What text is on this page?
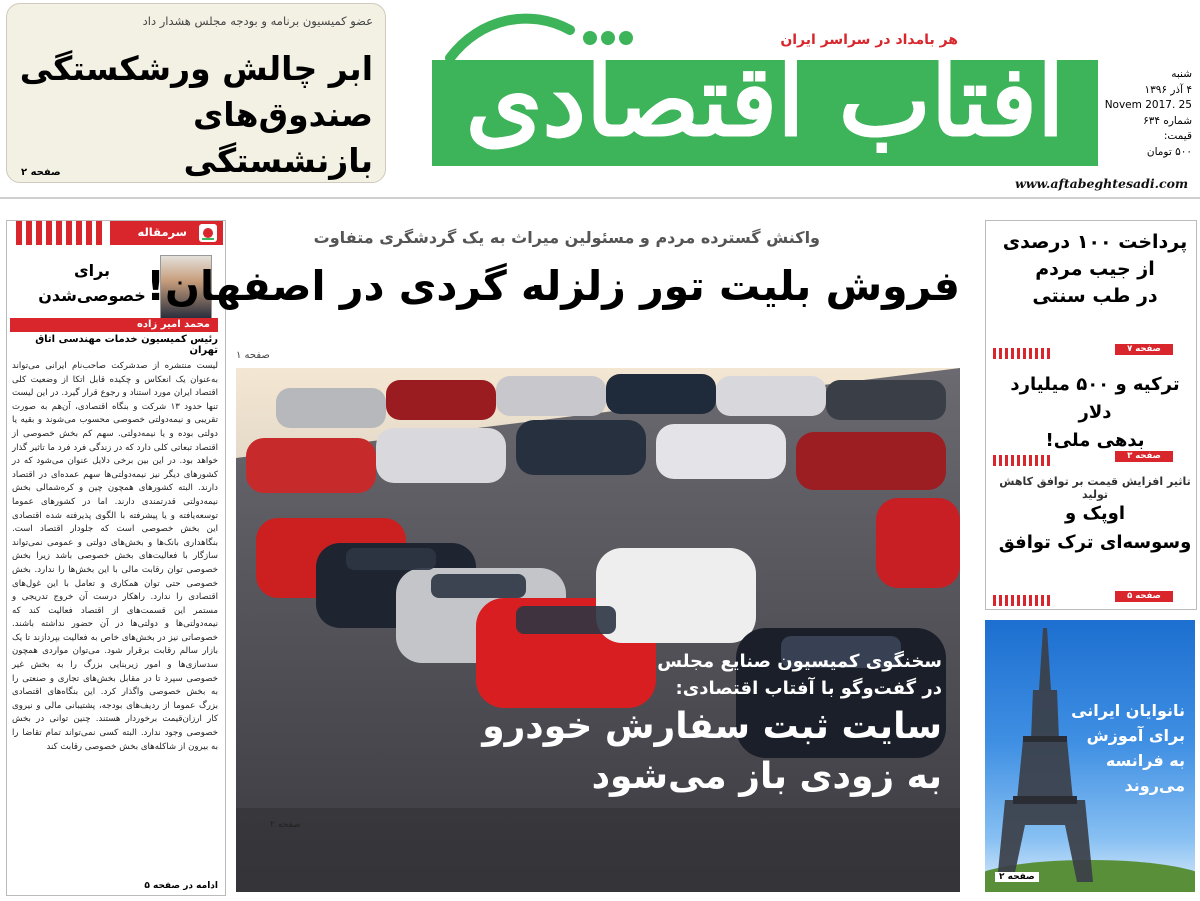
عضو کمیسیون برنامه و بودجه مجلس هشدار داد
ابر چالش ورشکستگی
صندوق‌های بازنشستگی
صفحه ۲
آفتاب اقتصادی
هر بامداد در سراسر ایران
شنبه
۴ آذر ۱۳۹۶
25 .Novem 2017
شماره ۶۳۴
قیمت:
۵۰۰ تومان
www.aftabeghtesadi.com
سرمقاله
برای
خصوصی‌شدن
محمد امیر زاده
رئیس کمیسیون خدمات مهندسی اتاق تهران
لیست منتشره از صدشرکت صاحب‌نام ایرانی می‌تواند به‌عنوان یک انعکاس و چکیده قابل اتکا از وضعیت کلی اقتصاد ایران مورد استناد و رجوع قرار گیرد. در این لیست تنها حدود ۱۳ شرکت و بنگاه اقتصادی، آن‌هم به صورت تقریبی و نیمه‌دولتی خصوصی محسوب می‌شوند و بقیه یا دولتی بوده و یا نیمه‌دولتی. سهم کم بخش خصوصی از اقتصاد تبعاتی کلی دارد که در زندگی فرد فرد ما تاثیر گذار خواهد بود. در این بین برخی دلایل عنوان می‌شود که در کشورهای دیگر نیز نیمه‌دولتی‌ها سهم عمده‌ای در اقتصاد دارند. البته کشورهای همچون چین و کره‌شمالی بخش نیمه‌دولتی قدرتمندی دارند. اما در کشورهای عموما توسعه‌یافته و یا پیشرفته با الگوی پذیرفته شده اقتصادی این بخش خصوصی است که جلودار اقتصاد است. بنگاهداری بانک‌ها و بخش‌های دولتی و عمومی نمی‌تواند سازگار با فعالیت‌های بخش خصوصی باشد زیرا بخش خصوصی توان رقابت مالی با این بخش‌ها را ندارد. بخش خصوصی حتی توان همکاری و تعامل با این غول‌های اقتصادی را ندارد. راهکار درست آن خروج تدریجی و مستمر این قسمت‌های از اقتصاد فعالیت کند که نیمه‌دولتی‌ها و دولتی‌ها در آن حضور نداشته باشند. خصوصاتی نیز در بخش‌های خاص به فعالیت بپردازند تا یک بازار سالم رقابت برقرار شود. می‌توان مواردی همچون سدسازی‌ها و امور زیربنایی بزرگ را به بخش غیر خصوصی سپرد تا در مقابل بخش‌های تجاری و صنعتی را به بخش خصوصی واگذار کرد. این بنگاه‌های اقتصادی بزرگ عموما از ردیف‌های بودجه، پشتیبانی مالی و نیروی کار ارزان‌قیمت برخوردار هستند. چنین توانی در بخش خصوصی وجود ندارد. البته کسی نمی‌تواند تمام تقاضا را به بیرون از شاکله‌های بخش خصوصی رقابت کند
ادامه در صفحه ۵
واکنش گسترده مردم و مسئولین میراث به یک گردشگری متفاوت
فروش بلیت تور زلزله گردی در اصفهان!
صفحه ۱
سخنگوی کمیسیون صنایع مجلس
در گفت‌وگو با آفتاب اقتصادی:
سایت ثبت سفارش خودرو
به زودی باز می‌شود
صفحه ۲
پرداخت ۱۰۰ درصدی
از جیب مردم
در طب سنتی
صفحه ۷
ترکیه و ۵۰۰ میلیارد دلار
بدهی ملی!
صفحه ۳
تاثیر افزایش قیمت بر توافق کاهش تولید
اوپک و
وسوسه‌ای ترک توافق
صفحه ۵
نانوایان ایرانی
برای آموزش
به فرانسه
می‌روند
صفحه ۲
